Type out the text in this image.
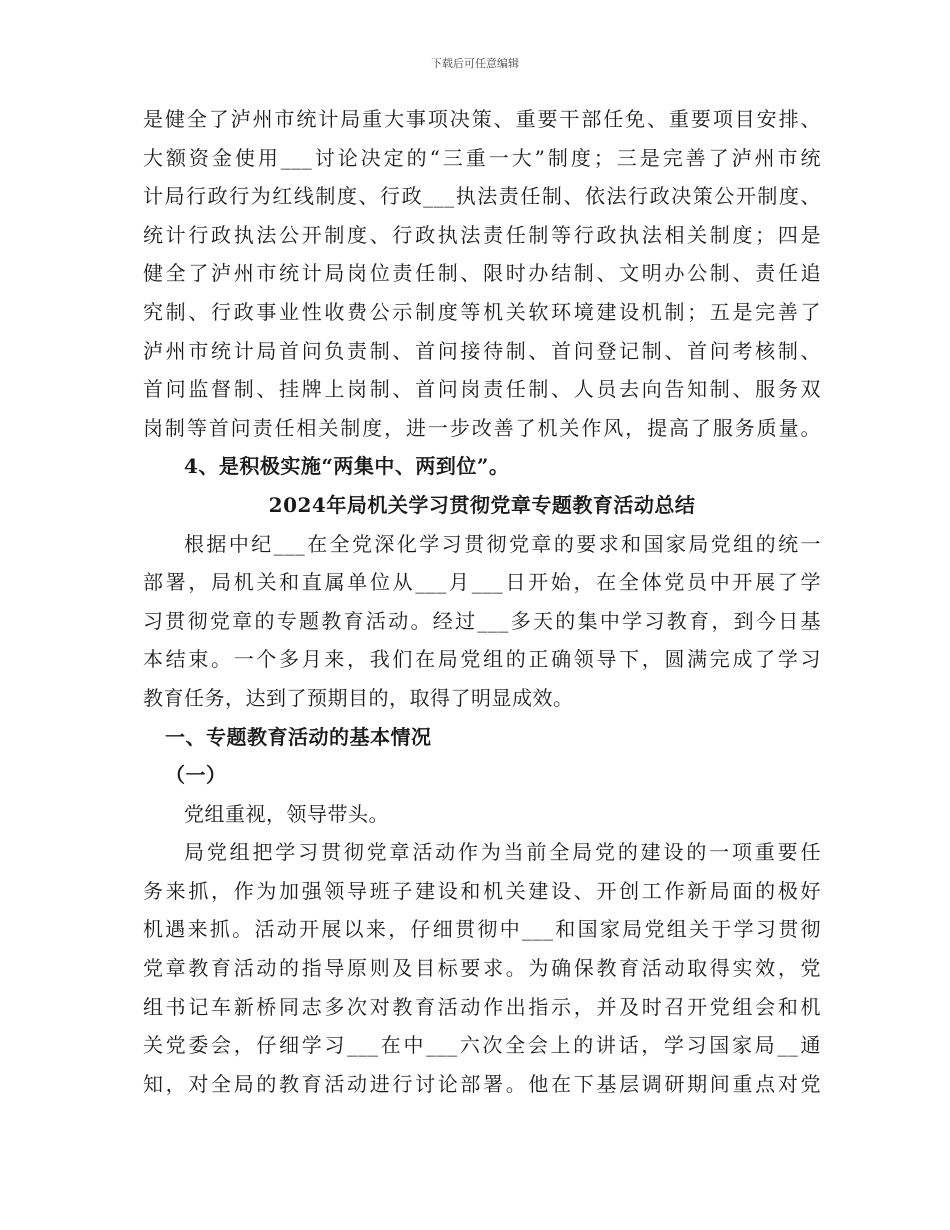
下载后可任意编辑
是健全了泸州市统计局重大事项决策、重要干部任免、重要项目安排、
大额资金使用___讨论决定的“三重一大”制度；三是完善了泸州市统
计局行政行为红线制度、行政___执法责任制、依法行政决策公开制度、
统计行政执法公开制度、行政执法责任制等行政执法相关制度；四是
健全了泸州市统计局岗位责任制、限时办结制、文明办公制、责任追
究制、行政事业性收费公示制度等机关软环境建设机制；五是完善了
泸州市统计局首问负责制、首问接待制、首问登记制、首问考核制、
首问监督制、挂牌上岗制、首问岗责任制、人员去向告知制、服务双
岗制等首问责任相关制度，进一步改善了机关作风，提高了服务质量。
4、是积极实施“两集中、两到位”。
2024年局机关学习贯彻党章专题教育活动总结
根据中纪___在全党深化学习贯彻党章的要求和国家局党组的统一
部署，局机关和直属单位从___月___日开始，在全体党员中开展了学
习贯彻党章的专题教育活动。经过___多天的集中学习教育，到今日基
本结束。一个多月来，我们在局党组的正确领导下，圆满完成了学习
教育任务，达到了预期目的，取得了明显成效。
一、专题教育活动的基本情况
（一）
党组重视，领导带头。
局党组把学习贯彻党章活动作为当前全局党的建设的一项重要任
务来抓，作为加强领导班子建设和机关建设、开创工作新局面的极好
机遇来抓。活动开展以来，仔细贯彻中___和国家局党组关于学习贯彻
党章教育活动的指导原则及目标要求。为确保教育活动取得实效，党
组书记车新桥同志多次对教育活动作出指示，并及时召开党组会和机
关党委会，仔细学习___在中___六次全会上的讲话，学习国家局__通
知，对全局的教育活动进行讨论部署。他在下基层调研期间重点对党
